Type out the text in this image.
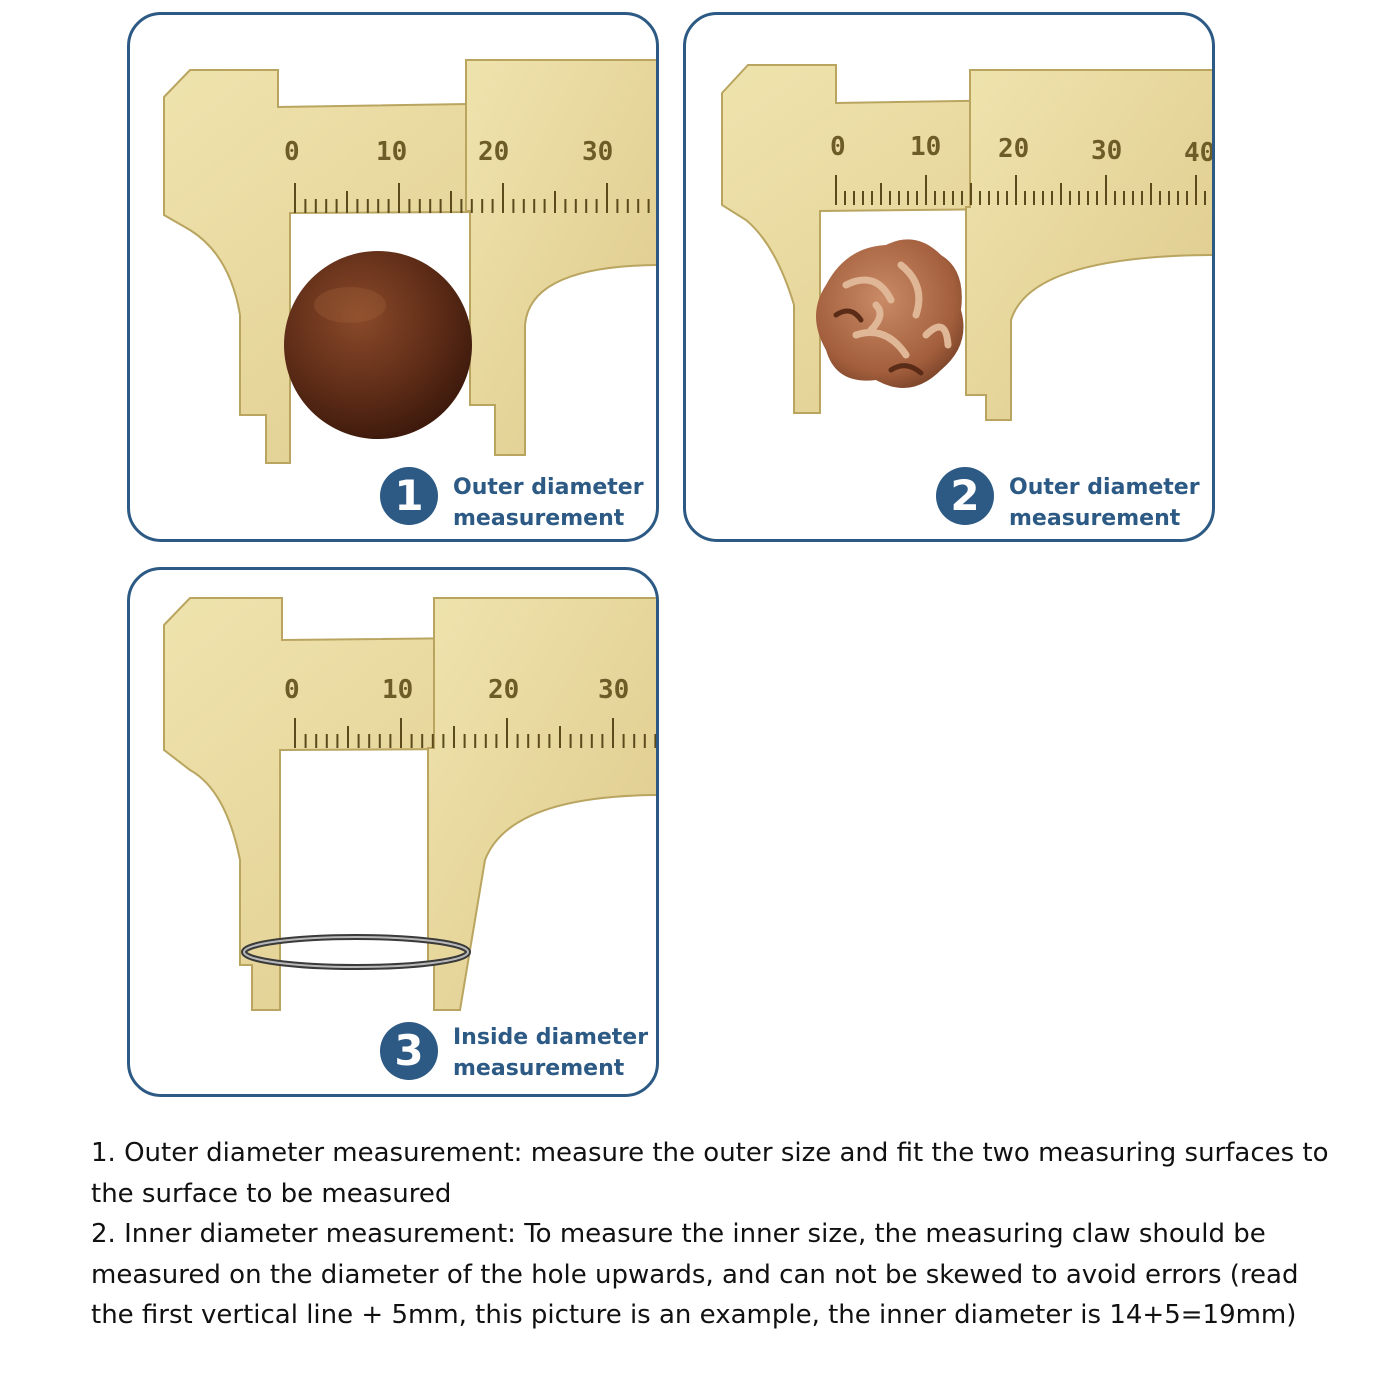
0	10	20	30
1	Outer diameter
measurement
0 10 20 30 40
2	Outer diameter
measurement
0	10	20	30
3	Inside diameter
measurement

1. Outer diameter measurement: measure the outer size and fit the two measuring surfaces to the surface to be measured

2. Inner diameter measurement: To measure the inner size, the measuring claw should be measured on the diameter of the hole upwards, and can not be skewed to avoid errors (read the first vertical line + 5mm, this picture is an example, the inner diameter is 14+5=19mm)
